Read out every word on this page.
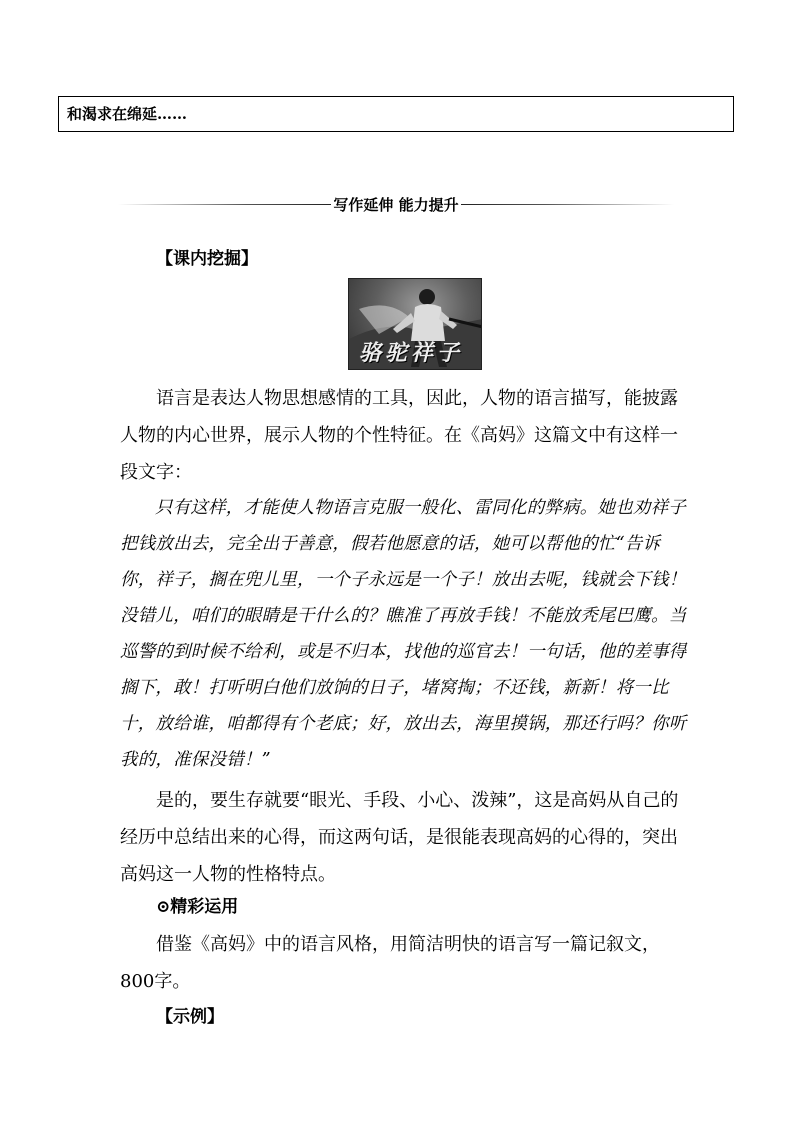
和渴求在绵延……
写作延伸 能力提升
【课内挖掘】
骆驼祥子

语言是表达人物思想感情的工具，因此，人物的语言描写，能披露人物的内心世界，展示人物的个性特征。在《高妈》这篇文中有这样一段文字：

只有这样，才能使人物语言克服一般化、雷同化的弊病。她也劝祥子把钱放出去，完全出于善意，假若他愿意的话，她可以帮他的忙“告诉你，祥子，搁在兜儿里，一个子永远是一个子！放出去呢，钱就会下钱！没错儿，咱们的眼睛是干什么的？瞧准了再放手钱！不能放秃尾巴鹰。当巡警的到时候不给利，或是不归本，找他的巡官去！一句话，他的差事得搁下，敢！打听明白他们放饷的日子，堵窝掏；不还钱，新新！将一比十，放给谁，咱都得有个老底；好，放出去，海里摸锅，那还行吗？你听我的，准保没错！”

是的，要生存就要“眼光、手段、小心、泼辣”，这是高妈从自己的经历中总结出来的心得，而这两句话，是很能表现高妈的心得的，突出高妈这一人物的性格特点。

⊙精彩运用

借鉴《高妈》中的语言风格，用简洁明快的语言写一篇记叙文，800字。

【示例】
